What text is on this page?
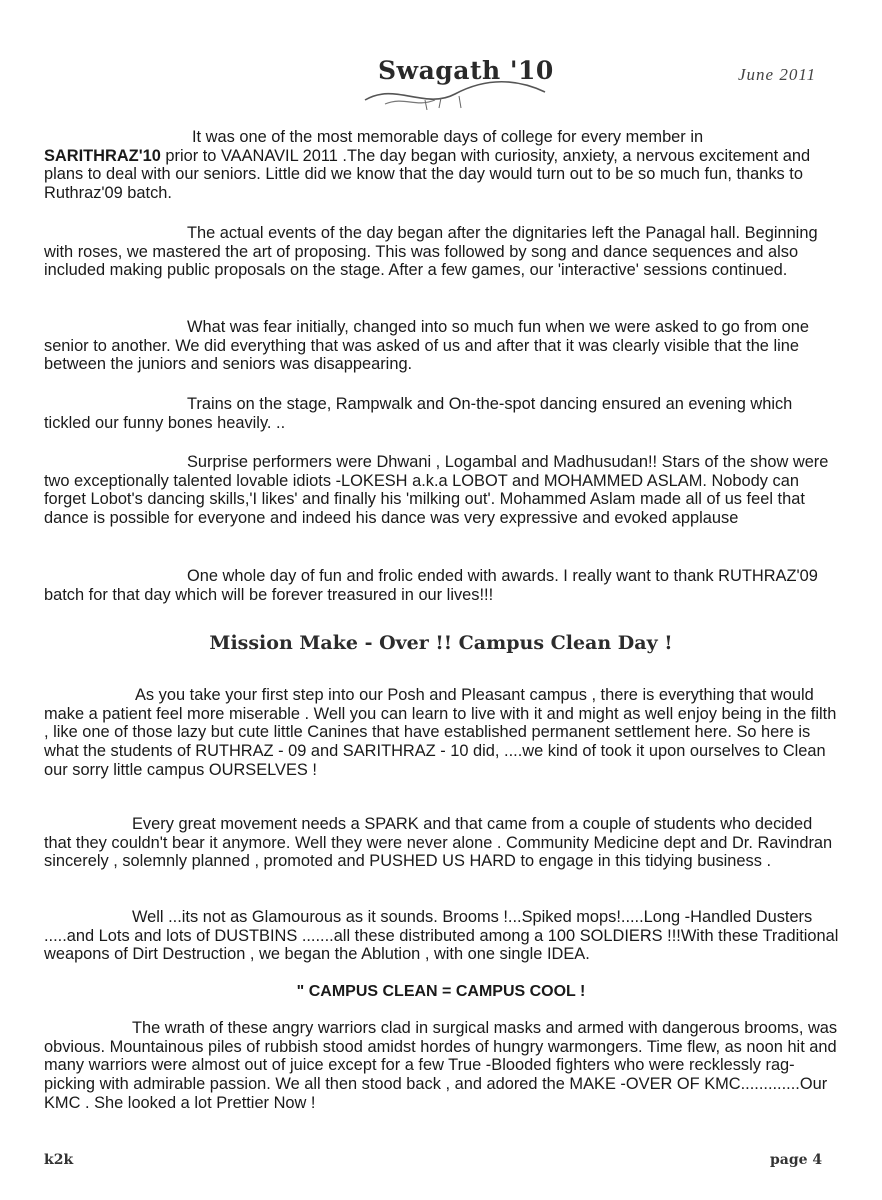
Swagath '10	June 2011

It was one of the most memorable days of college for every member in
SARITHRAZ'10 prior to VAANAVIL 2011 .The day began with curiosity, anxiety, a nervous excitement and plans to deal with our seniors. Little did we know that the day would turn out to be so much fun, thanks to Ruthraz'09 batch.

The actual events of the day began after the dignitaries left the Panagal hall. Beginning with roses, we mastered the art of proposing. This was followed by song and dance sequences and also included making public proposals on the stage. After a few games, our 'interactive' sessions continued.

What was fear initially, changed into so much fun when we were asked to go from one senior to another. We did everything that was asked of us and after that it was clearly visible that the line between the juniors and seniors was disappearing.

Trains on the stage, Rampwalk and On-the-spot dancing ensured an evening which tickled our funny bones heavily. ..

Surprise performers were Dhwani , Logambal and Madhusudan!! Stars of the show were two exceptionally talented lovable idiots -LOKESH a.k.a LOBOT and MOHAMMED ASLAM. Nobody can forget Lobot's dancing skills,'I likes' and finally his 'milking out'. Mohammed Aslam made all of us feel that dance is possible for everyone and indeed his dance was very expressive and evoked applause

One whole day of fun and frolic ended with awards. I really want to thank RUTHRAZ'09 batch for that day which will be forever treasured in our lives!!!

Mission Make - Over !! Campus Clean Day !

As you take your first step into our Posh and Pleasant campus , there is everything that would make a patient feel more miserable . Well you can learn to live with it and might as well enjoy being in the filth , like one of those lazy but cute little Canines that have established permanent settlement here. So here is what the students of RUTHRAZ - 09 and SARITHRAZ - 10 did, ....we kind of took it upon ourselves to Clean our sorry little campus OURSELVES !

Every great movement needs a SPARK and that came from a couple of students who decided that they couldn't bear it anymore. Well they were never alone . Community Medicine dept and Dr. Ravindran sincerely , solemnly planned , promoted and PUSHED US HARD to engage in this tidying business .

Well ...its not as Glamourous as it sounds. Brooms !...Spiked mops!.....Long -Handled Dusters .....and Lots and lots of DUSTBINS .......all these distributed among a 100 SOLDIERS !!!With these Traditional weapons of Dirt Destruction , we began the Ablution , with one single IDEA.

" CAMPUS CLEAN = CAMPUS COOL !

The wrath of these angry warriors clad in surgical masks and armed with dangerous brooms, was obvious. Mountainous piles of rubbish stood amidst hordes of hungry warmongers. Time flew, as noon hit and many warriors were almost out of juice except for a few True -Blooded fighters who were recklessly rag-picking with admirable passion. We all then stood back , and adored the MAKE -OVER OF KMC.............Our KMC . She looked a lot Prettier Now !

k2k	page 4
